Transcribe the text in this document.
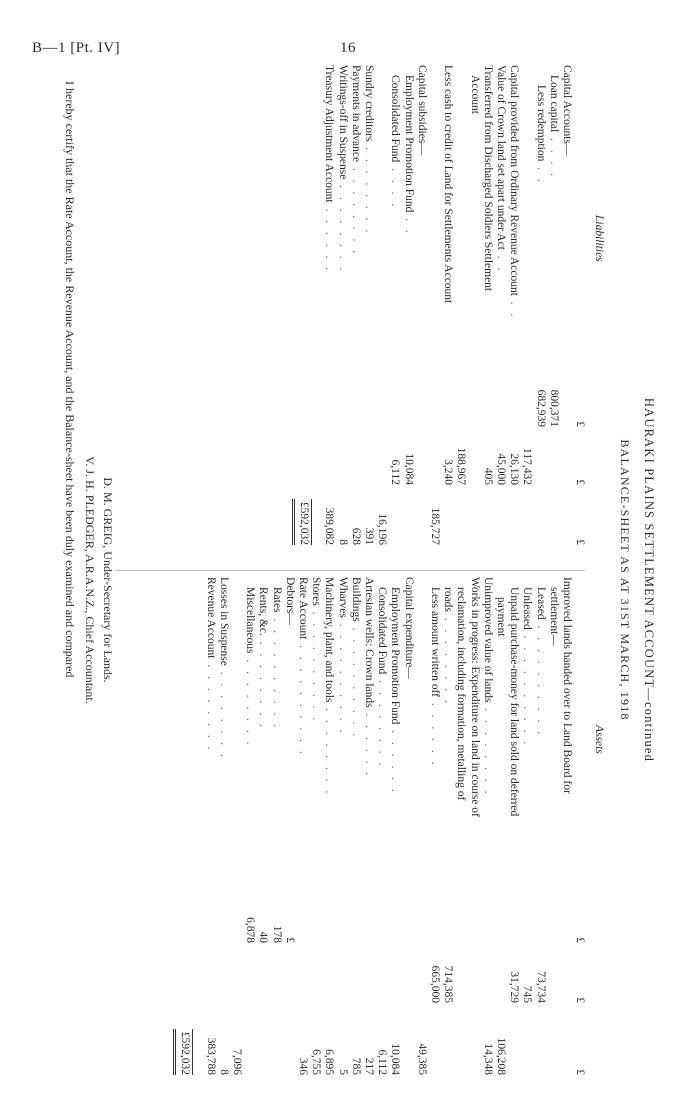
B—1 [Pt. IV]	16
HAURAKI PLAINS SETTLEMENT ACCOUNT—continued
BALANCE-SHEET AS AT 31ST MARCH, 1918
Liabilities
Assets
£
£
£
Capital Accounts—
Loan capital . . . .
800,371
Less redemption . .
682,939
117,432
Capital provided from Ordinary Revenue Account . .
26,130
Value of Crown land set apart under Act . .
45,000
Transferred from Discharged Soldiers Settlement
405
Account
188,967
Less cash to credit of Land for Settlements Account
3,240
185,727
Capital subsidies—
Employment Promotion Fund . .
10,084
Consolidated Fund . . . .
6,112
16,196
Sundry creditors . . . . . . . .
391
Payments in advance . . . . . . . .
628
Writings-off in Suspense . . . . . . . .
8
Treasury Adjustment Account . . . . . .
389,082
£592,032
£
£
£
Improved lands handed over to Land Board for
settlement—
Leased . . . . . . . . . .
73,734
Unleased . . . . . . . . . .
745
Unpaid purchase-money for land sold on deferred
31,729
payment
106,208
Unimproved value of lands . . . . . . . .
14,348
Works in progress: Expenditure on land in course of
reclamation, including formation, metalling of
roads . . . . . . . .
714,385
Less amount written off . . . . . .
665,000
49,385
Capital expenditure—
Employment Promotion Fund . . . . . .
10,084
Consolidated Fund . . . . . . . .
6,112
Artesian wells: Crown lands . . . . . .
217
Buildings . . . . . . . . . .
785
Wharves . . . . . . . . . .
5
Machinery, plant, and tools . . . . . . . .
6,895
Stores . . . . . . . . . .
6,755
Rate Account . . . . . . . . . .
346
Debtors—
£
Rates . . . . . . . . . .
178
Rents, &c. . . . . . . . .
40
Miscellaneous . . . . . . . .
6,878
7,096
Losses in Suspense . . . . . . . .
8
Revenue Account . . . . . . . .
383,788
£592,032
D. M. GREIG, Under-Secretary for Lands.
V. J. H. PLEDGER, A.R.A.N.Z., Chief Accountant.
I hereby certify that the Rate Account, the Revenue Account, and the Balance-sheet have been duly examined and compared
